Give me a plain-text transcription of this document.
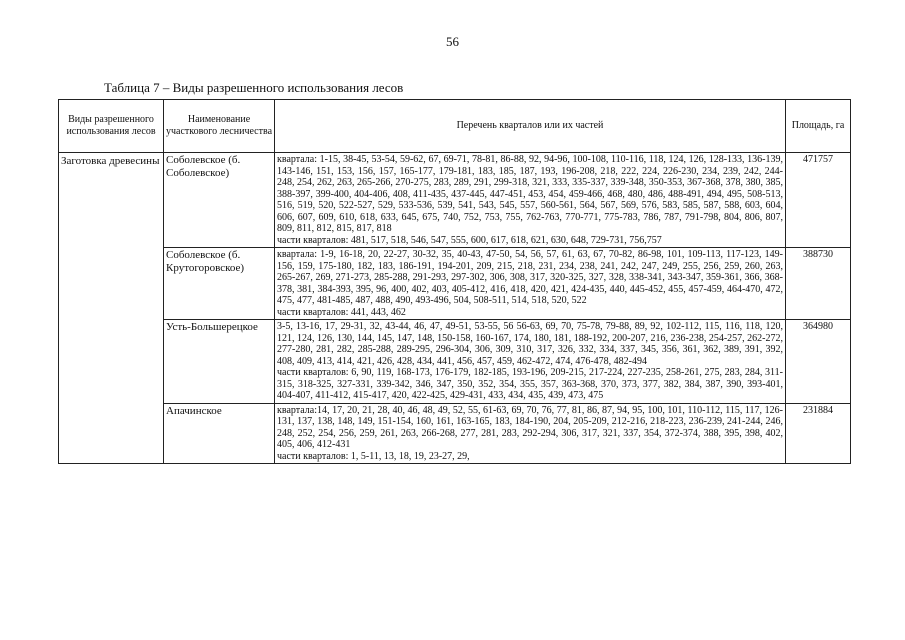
56
Таблица 7 – Виды разрешенного использования лесов
Виды разрешенного использования лесов	Наименование участкового лесничества	Перечень кварталов или их частей	Площадь, га
Заготовка древесины	Соболевское (б. Соболевское)	квартала: 1-15, 38-45, 53-54, 59-62, 67, 69-71, 78-81, 86-88, 92, 94-96, 100-108, 110-116, 118, 124, 126, 128-133, 136-139, 143-146, 151, 153, 156, 157, 165-177, 179-181, 183, 185, 187, 193, 196-208, 218, 222, 224, 226-230, 234, 239, 242, 244-248, 254, 262, 263, 265-266, 270-275, 283, 289, 291, 299-318, 321, 333, 335-337, 339-348, 350-353, 367-368, 378, 380, 385, 388-397, 399-400, 404-406, 408, 411-435, 437-445, 447-451, 453, 454, 459-466, 468, 480, 486, 488-491, 494, 495, 508-513, 516, 519, 520, 522-527, 529, 533-536, 539, 541, 543, 545, 557, 560-561, 564, 567, 569, 576, 583, 585, 587, 588, 603, 604, 606, 607, 609, 610, 618, 633, 645, 675, 740, 752, 753, 755, 762-763, 770-771, 775-783, 786, 787, 791-798, 804, 806, 807, 809, 811, 812, 815, 817, 818
части кварталов: 481, 517, 518, 546, 547, 555, 600, 617, 618, 621, 630, 648, 729-731, 756,757	471757
	Соболевское (б. Крутогоровское)	квартала: 1-9, 16-18, 20, 22-27, 30-32, 35, 40-43, 47-50, 54, 56, 57, 61, 63, 67, 70-82, 86-98, 101, 109-113, 117-123, 149-156, 159, 175-180, 182, 183, 186-191, 194-201, 209, 215, 218, 231, 234, 238, 241, 242, 247, 249, 255, 256, 259, 260, 263, 265-267, 269, 271-273, 285-288, 291-293, 297-302, 306, 308, 317, 320-325, 327, 328, 338-341, 343-347, 359-361, 366, 368-378, 381, 384-393, 395, 96, 400, 402, 403, 405-412, 416, 418, 420, 421, 424-435, 440, 445-452, 455, 457-459, 464-470, 472, 475, 477, 481-485, 487, 488, 490, 493-496, 504, 508-511, 514, 518, 520, 522
части кварталов: 441, 443, 462	388730
	Усть-Большерецкое	3-5, 13-16, 17, 29-31, 32, 43-44, 46, 47, 49-51, 53-55, 56 56-63, 69, 70, 75-78, 79-88, 89, 92, 102-112, 115, 116, 118, 120, 121, 124, 126, 130, 144, 145, 147, 148, 150-158, 160-167, 174, 180, 181, 188-192, 200-207, 216, 236-238, 254-257, 262-272, 277-280, 281, 282, 285-288, 289-295, 296-304, 306, 309, 310, 317, 326, 332, 334, 337, 345, 356, 361, 362, 389, 391, 392, 408, 409, 413, 414, 421, 426, 428, 434, 441, 456, 457, 459, 462-472, 474, 476-478, 482-494
части кварталов: 6, 90, 119, 168-173, 176-179, 182-185, 193-196, 209-215, 217-224, 227-235, 258-261, 275, 283, 284, 311-315, 318-325, 327-331, 339-342, 346, 347, 350, 352, 354, 355, 357, 363-368, 370, 373, 377, 382, 384, 387, 390, 393-401, 404-407, 411-412, 415-417, 420, 422-425, 429-431, 433, 434, 435, 439, 473, 475	364980
	Апачинское	квартала:14, 17, 20, 21, 28, 40, 46, 48, 49, 52, 55, 61-63, 69, 70, 76, 77, 81, 86, 87, 94, 95, 100, 101, 110-112, 115, 117, 126-131, 137, 138, 148, 149, 151-154, 160, 161, 163-165, 183, 184-190, 204, 205-209, 212-216, 218-223, 236-239, 241-244, 246, 248, 252, 254, 256, 259, 261, 263, 266-268, 277, 281, 283, 292-294, 306, 317, 321, 337, 354, 372-374, 388, 395, 398, 402, 405, 406, 412-431
части кварталов: 1, 5-11, 13, 18, 19, 23-27, 29,	231884
